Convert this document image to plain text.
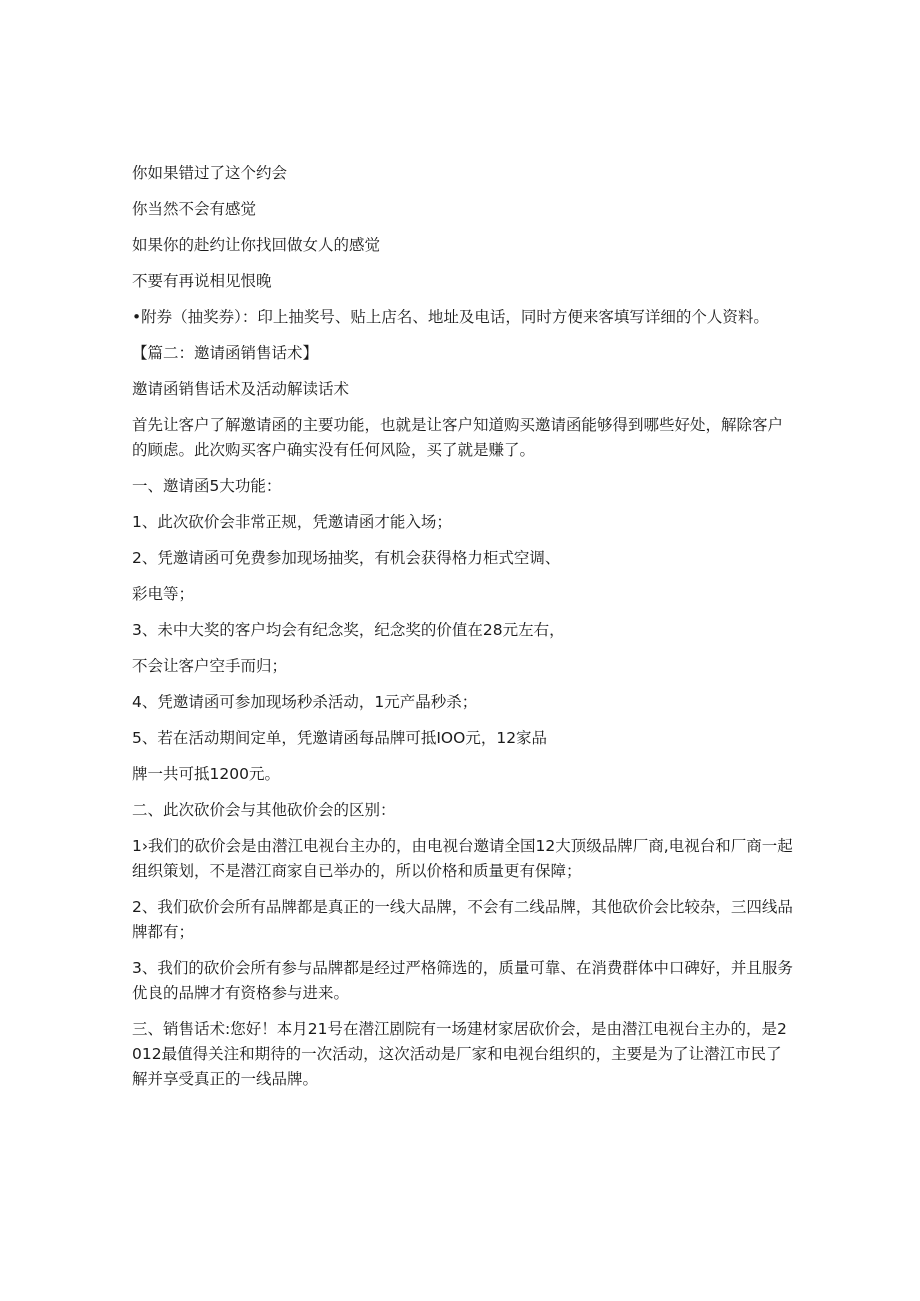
你如果错过了这个约会

你当然不会有感觉

如果你的赴约让你找回做女人的感觉

不要有再说相见恨晚

•附券（抽奖券）：印上抽奖号、贴上店名、地址及电话，同时方便来客填写详细的个人资料。

【篇二：邀请函销售话术】

邀请函销售话术及活动解读话术

首先让客户了解邀请函的主要功能，也就是让客户知道购买邀请函能够得到哪些好处，解除客户的顾虑。此次购买客户确实没有任何风险，买了就是赚了。

一、邀请函5大功能：

1、此次砍价会非常正规，凭邀请函才能入场；

2、凭邀请函可免费参加现场抽奖，有机会获得格力柜式空调、

彩电等；

3、未中大奖的客户均会有纪念奖，纪念奖的价值在28元左右，

不会让客户空手而归；

4、凭邀请函可参加现场秒杀活动，1元产晶秒杀；

5、若在活动期间定单，凭邀请函每品牌可抵IOO元，12家品

牌一共可抵1200元。

二、此次砍价会与其他砍价会的区别：

1›我们的砍价会是由潜江电视台主办的，由电视台邀请全国12大顶级品牌厂商,电视台和厂商一起组织策划，不是潜江商家自已举办的，所以价格和质量更有保障；

2、我们砍价会所有品牌都是真正的一线大品牌，不会有二线品牌，其他砍价会比较杂，三四线品牌都有；

3、我们的砍价会所有参与品牌都是经过严格筛选的，质量可靠、在消费群体中口碑好，并且服务优良的品牌才有资格参与进来。

三、销售话术:您好！本月21号在潜江剧院有一场建材家居砍价会，是由潜江电视台主办的，是2012最值得关注和期待的一次活动，这次活动是厂家和电视台组织的，主要是为了让潜江市民了解并享受真正的一线品牌。
